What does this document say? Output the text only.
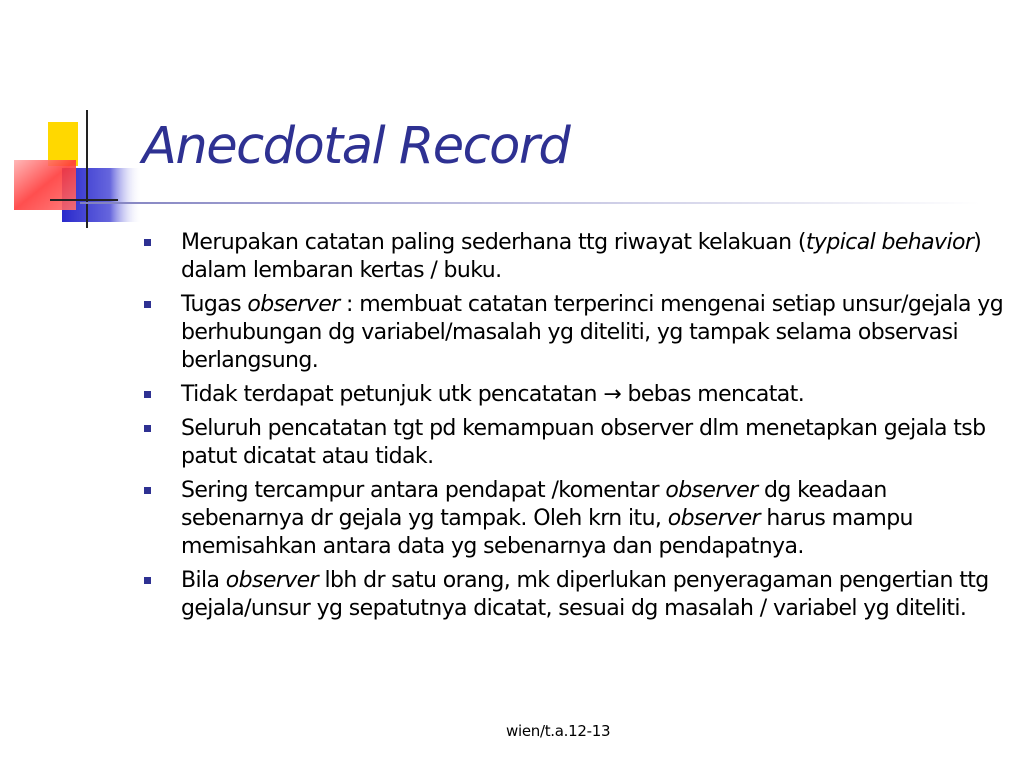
Anecdotal Record
Merupakan catatan paling sederhana ttg riwayat kelakuan (typical behavior) dalam lembaran kertas / buku.
Tugas observer : membuat catatan terperinci mengenai setiap unsur/gejala yg berhubungan dg variabel/masalah yg diteliti, yg tampak selama observasi berlangsung.
Tidak terdapat petunjuk utk pencatatan → bebas mencatat.
Seluruh pencatatan tgt pd kemampuan observer dlm menetapkan gejala tsb patut dicatat atau tidak.
Sering tercampur antara pendapat /komentar observer dg keadaan sebenarnya dr gejala yg tampak. Oleh krn itu, observer harus mampu memisahkan antara data yg sebenarnya dan pendapatnya.
Bila observer lbh dr satu orang, mk diperlukan penyeragaman pengertian ttg gejala/unsur yg sepatutnya dicatat, sesuai dg masalah / variabel yg diteliti.
wien/t.a.12-13
